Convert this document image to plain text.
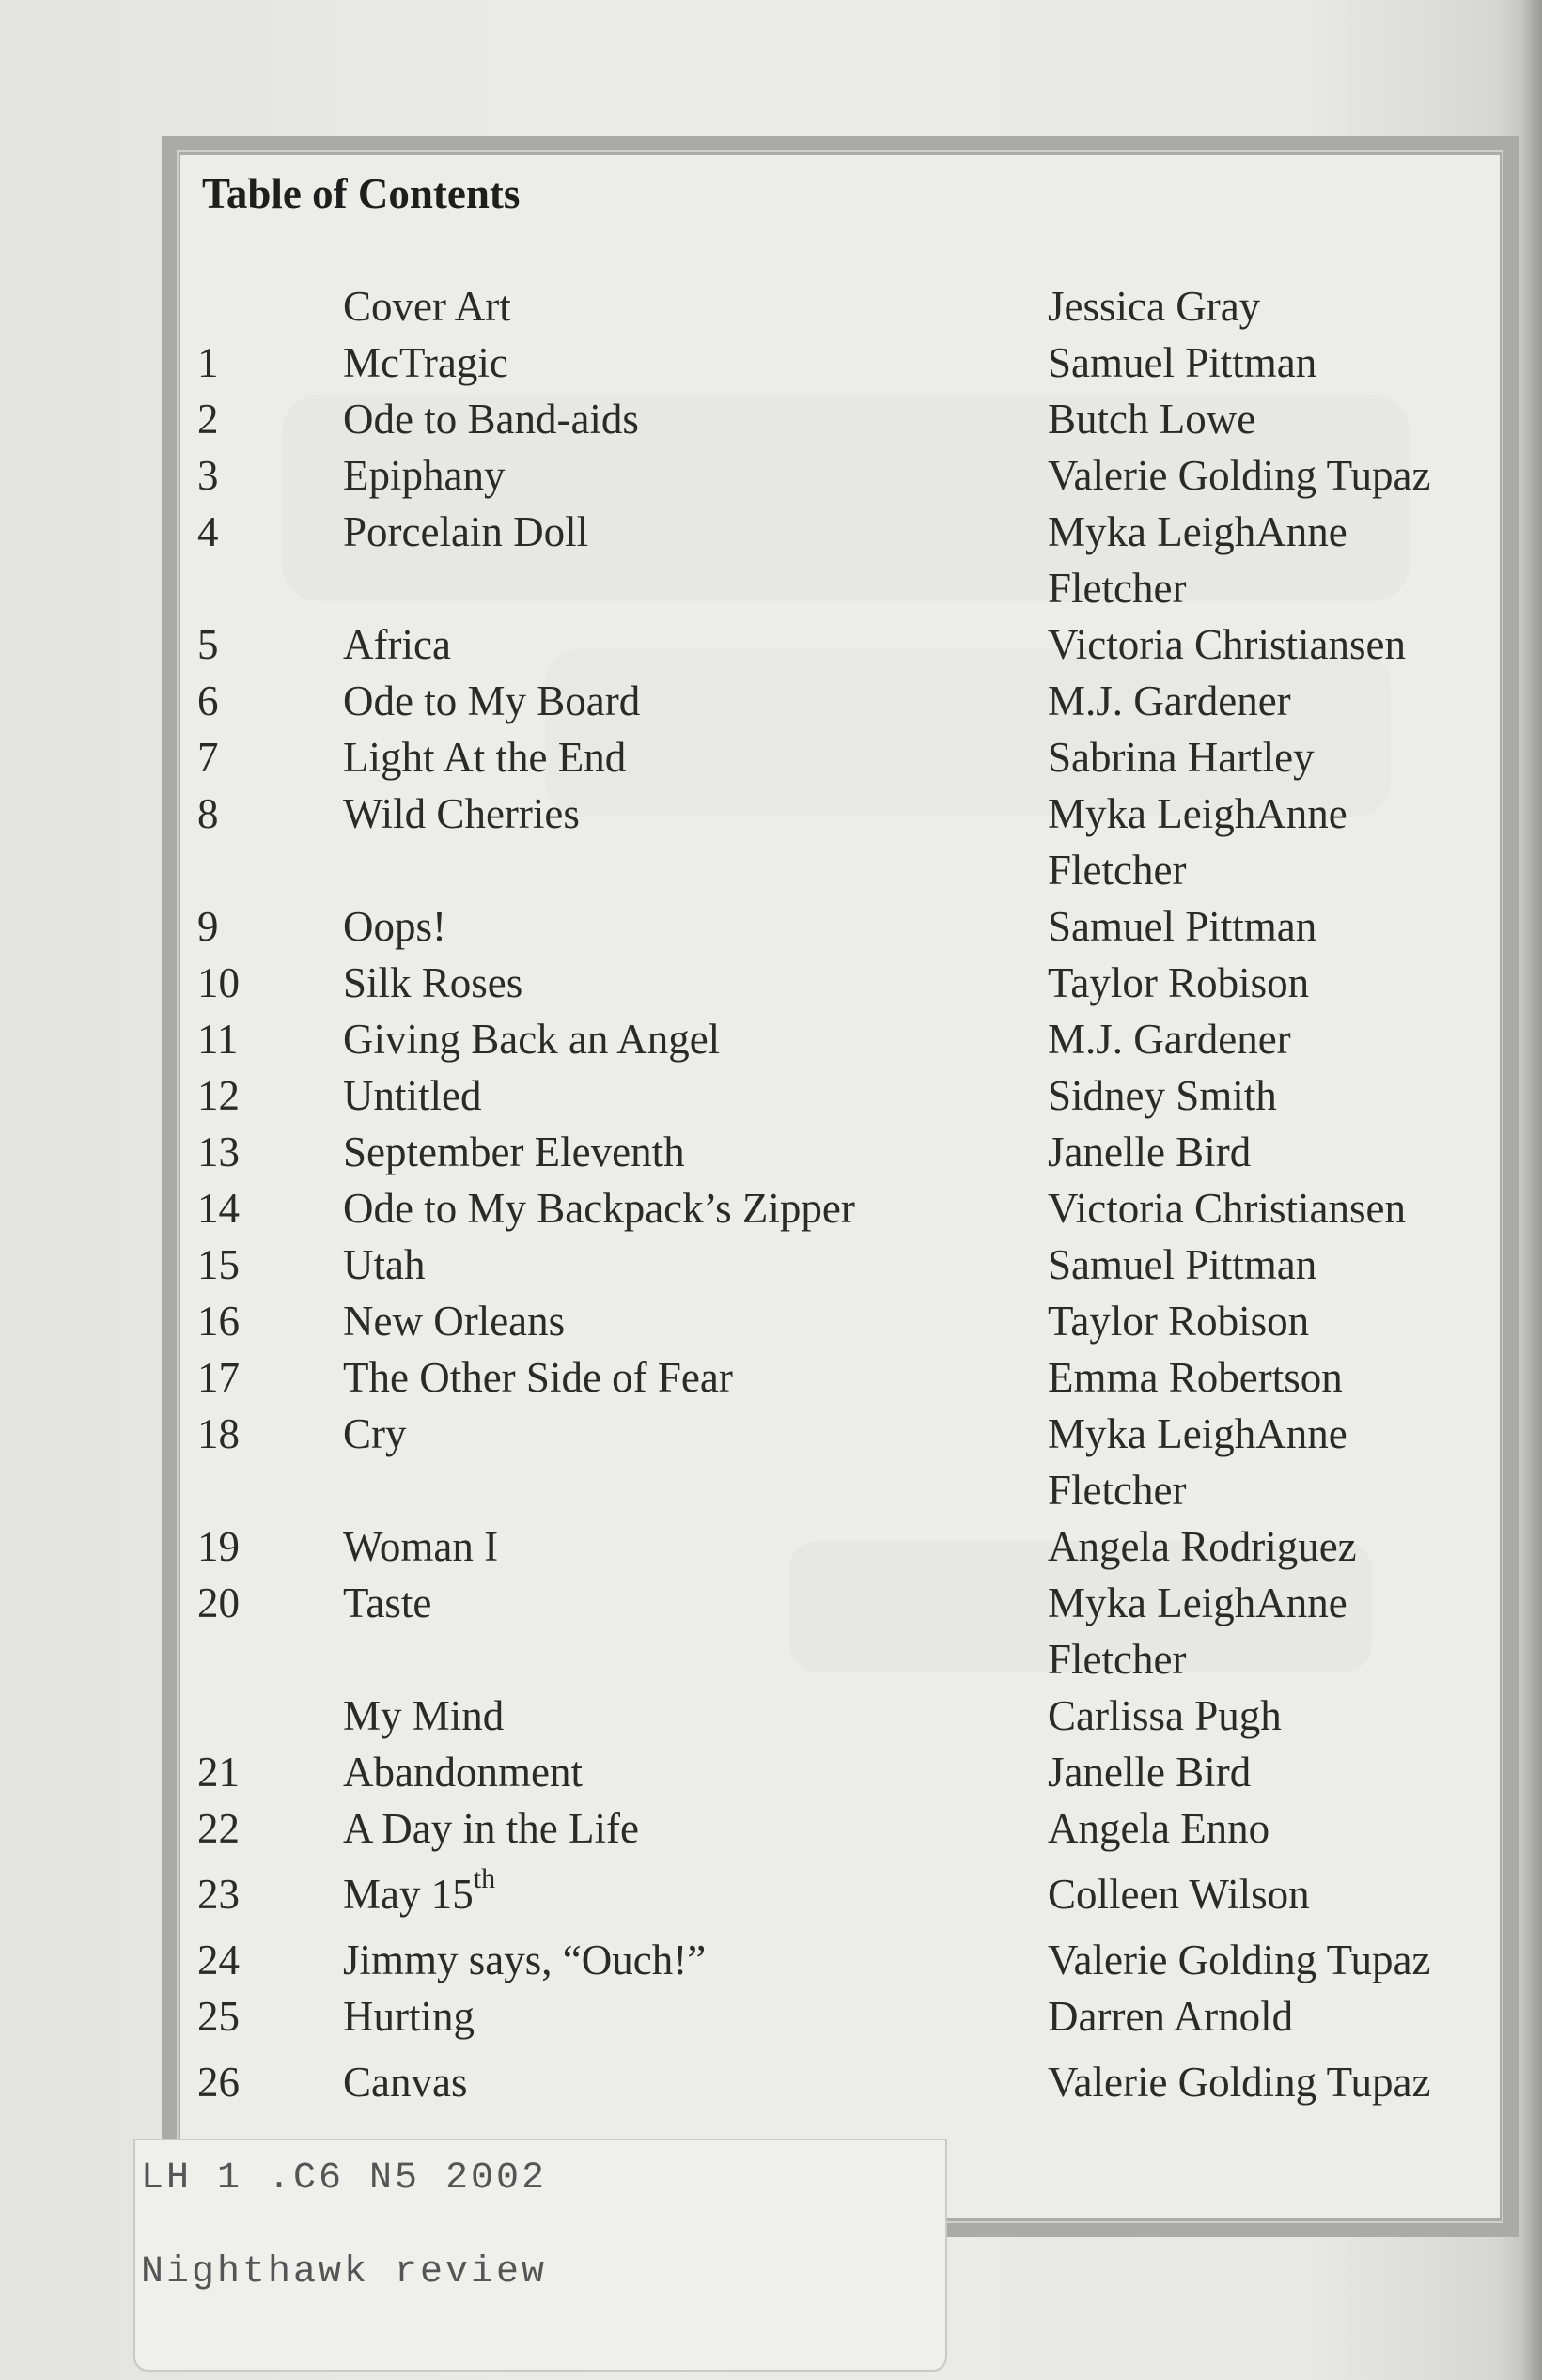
Table of Contents
Cover Art	Jessica Gray
1	McTragic	Samuel Pittman
2	Ode to Band-aids	Butch Lowe
3	Epiphany	Valerie Golding Tupaz
4	Porcelain Doll	Myka LeighAnne
Fletcher
5	Africa	Victoria Christiansen
6	Ode to My Board	M.J. Gardener
7	Light At the End	Sabrina Hartley
8	Wild Cherries	Myka LeighAnne
Fletcher
9	Oops!	Samuel Pittman
10	Silk Roses	Taylor Robison
11	Giving Back an Angel	M.J. Gardener
12	Untitled	Sidney Smith
13	September Eleventh	Janelle Bird
14	Ode to My Backpack’s Zipper	Victoria Christiansen
15	Utah	Samuel Pittman
16	New Orleans	Taylor Robison
17	The Other Side of Fear	Emma Robertson
18	Cry	Myka LeighAnne
Fletcher
19	Woman I	Angela Rodriguez
20	Taste	Myka LeighAnne
Fletcher
My Mind	Carlissa Pugh
21	Abandonment	Janelle Bird
22	A Day in the Life	Angela Enno
23	May 15th	Colleen Wilson
24	Jimmy says, “Ouch!”	Valerie Golding Tupaz
25	Hurting	Darren Arnold
26	Canvas	Valerie Golding Tupaz
LH 1 .C6 N5 2002
Nighthawk review
